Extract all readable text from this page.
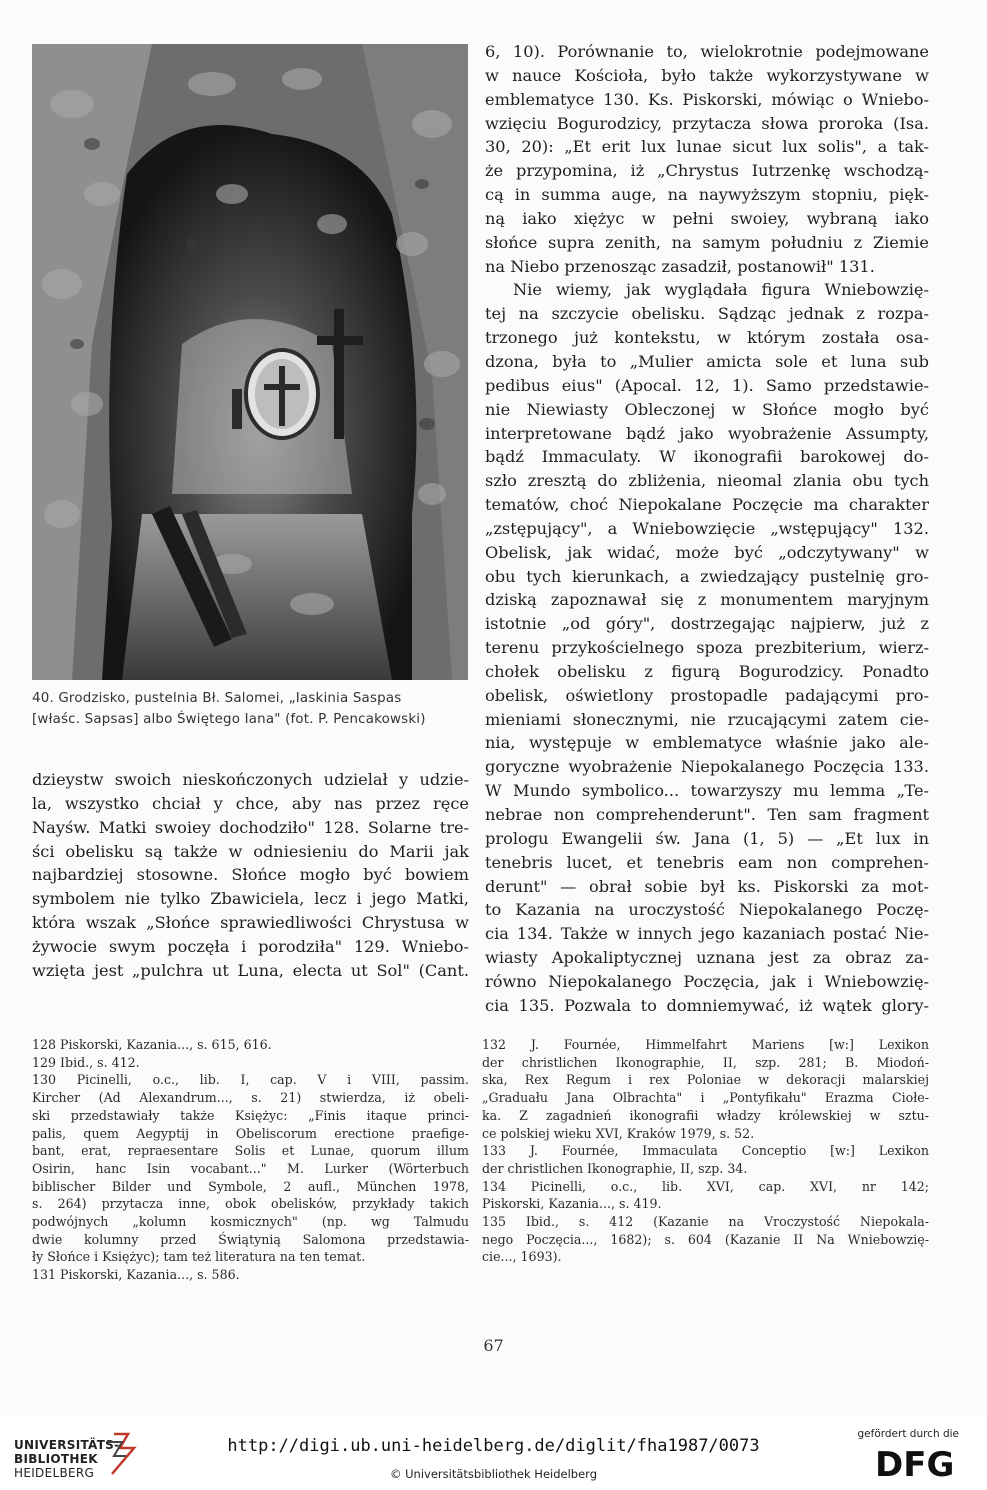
40. Grodzisko, pustelnia Bł. Salomei, „Iaskinia Saspas
[właśc. Sapsas] albo Świętego Iana" (fot. P. Pencakowski)
dzieystw swoich nieskończonych udzielał y udzie-
la, wszystko chciał y chce, aby nas przez ręce
Nayśw. Matki swoiey dochodziło" 128. Solarne tre-
ści obelisku są także w odniesieniu do Marii jak
najbardziej stosowne. Słońce mogło być bowiem
symbolem nie tylko Zbawiciela, lecz i jego Matki,
która wszak „Słońce sprawiedliwości Chrystusa w
żywocie swym poczęła i porodziła" 129. Wniebo-
wzięta jest „pulchra ut Luna, electa ut Sol" (Cant.
6, 10). Porównanie to, wielokrotnie podejmowane
w nauce Kościoła, było także wykorzystywane w
emblematyce 130. Ks. Piskorski, mówiąc o Wniebo-
wzięciu Bogurodzicy, przytacza słowa proroka (Isa.
30, 20): „Et erit lux lunae sicut lux solis", a tak-
że przypomina, iż „Chrystus Iutrzenkę wschodzą-
cą in summa auge, na naywyższym stopniu, pięk-
ną iako xiężyc w pełni swoiey, wybraną iako
słońce supra zenith, na samym południu z Ziemie
na Niebo przenosząc zasadził, postanowił" 131.
Nie wiemy, jak wyglądała figura Wniebowzię-
tej na szczycie obelisku. Sądząc jednak z rozpa-
trzonego już kontekstu, w którym została osa-
dzona, była to „Mulier amicta sole et luna sub
pedibus eius" (Apocal. 12, 1). Samo przedstawie-
nie Niewiasty Obleczonej w Słońce mogło być
interpretowane bądź jako wyobrażenie Assumpty,
bądź Immaculaty. W ikonografii barokowej do-
szło zresztą do zbliżenia, nieomal zlania obu tych
tematów, choć Niepokalane Poczęcie ma charakter
„zstępujący", a Wniebowzięcie „wstępujący" 132.
Obelisk, jak widać, może być „odczytywany" w
obu tych kierunkach, a zwiedzający pustelnię gro-
dziską zapoznawał się z monumentem maryjnym
istotnie „od góry", dostrzegając najpierw, już z
terenu przykościelnego spoza prezbiterium, wierz-
chołek obelisku z figurą Bogurodzicy. Ponadto
obelisk, oświetlony prostopadle padającymi pro-
mieniami słonecznymi, nie rzucającymi zatem cie-
nia, występuje w emblematyce właśnie jako ale-
goryczne wyobrażenie Niepokalanego Poczęcia 133.
W Mundo symbolico... towarzyszy mu lemma „Te-
nebrae non comprehenderunt". Ten sam fragment
prologu Ewangelii św. Jana (1, 5) — „Et lux in
tenebris lucet, et tenebris eam non comprehen-
derunt" — obrał sobie był ks. Piskorski za mot-
to Kazania na uroczystość Niepokalanego Poczę-
cia 134. Także w innych jego kazaniach postać Nie-
wiasty Apokaliptycznej uznana jest za obraz za-
równo Niepokalanego Poczęcia, jak i Wniebowzię-
cia 135. Pozwala to domniemywać, iż wątek glory-
128 Piskorski, Kazania..., s. 615, 616.
129 Ibid., s. 412.
130 Picinelli, o.c., lib. I, cap. V i VIII, passim.
Kircher (Ad Alexandrum..., s. 21) stwierdza, iż obeli-
ski przedstawiały także Księżyc: „Finis itaque princi-
palis, quem Aegyptij in Obeliscorum erectione praefige-
bant, erat, repraesentare Solis et Lunae, quorum illum
Osirin, hanc Isin vocabant..." M. Lurker (Wörterbuch
biblischer Bilder und Symbole, 2 aufl., München 1978,
s. 264) przytacza inne, obok obelisków, przykłady takich
podwójnych „kolumn kosmicznych" (np. wg Talmudu
dwie kolumny przed Świątynią Salomona przedstawia-
ły Słońce i Księżyc); tam też literatura na ten temat.
131 Piskorski, Kazania..., s. 586.
132 J. Fournée, Himmelfahrt Mariens [w:] Lexikon
der christlichen Ikonographie, II, szp. 281; B. Miodoń-
ska, Rex Regum i rex Poloniae w dekoracji malarskiej
„Graduału Jana Olbrachta" i „Pontyfikału" Erazma Ciołe-
ka. Z zagadnień ikonografii władzy królewskiej w sztu-
ce polskiej wieku XVI, Kraków 1979, s. 52.
133 J. Fournée, Immaculata Conceptio [w:] Lexikon
der christlichen Ikonographie, II, szp. 34.
134 Picinelli, o.c., lib. XVI, cap. XVI, nr 142;
Piskorski, Kazania..., s. 419.
135 Ibid., s. 412 (Kazanie na Vroczystość Niepokala-
nego Poczęcia..., 1682); s. 604 (Kazanie II Na Wniebowzię-
cie..., 1693).
67
UNIVERSITÄTS-
BIBLIOTHEK
HEIDELBERG
http://digi.ub.uni-heidelberg.de/diglit/fha1987/0073
© Universitätsbibliothek Heidelberg
gefördert durch die
DFG
